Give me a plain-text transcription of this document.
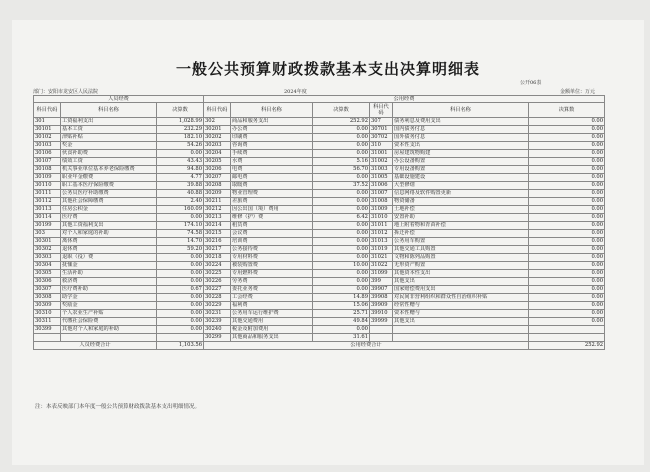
一般公共预算财政拨款基本支出决算明细表
公开06表
部门：安阳市龙安区人民法院	2024年度	金额单位：万元
人员经费			公用经费					
科目代码	科目名称	决算数	科目代码	科目名称	决算数	科目代码	科目名称	决算数
301	工资福利支出	1,028.99	302	商品和服务支出	252.92	307	债务利息及费用支出	0.00
30101	基本工资	232.29	30201	办公费	0.00	30701	国内债务付息	0.00
30102	津贴补贴	182.10	30202	印刷费	0.00	30702	国外债务付息	0.00
30103	奖金	54.26	30203	咨询费	0.00	310	资本性支出	0.00
30106	伙食补助费	0.00	30204	手续费	0.00	31001	房屋建筑物购建	0.00
30107	绩效工资	43.43	30205	水费	5.16	31002	办公设备购置	0.00
30108	机关事业单位基本养老保险缴费	94.80	30206	电费	56.70	31003	专用设备购置	0.00
30109	职业年金缴费	4.77	30207	邮电费	0.00	31005	基础设施建设	0.00
30110	职工基本医疗保险缴费	39.88	30208	取暖费	37.52	31006	大型修缮	0.00
30111	公务员医疗补助缴费	40.88	30209	物业管理费	0.00	31007	信息网络及软件购置更新	0.00
30112	其他社会保障缴费	2.40	30211	差旅费	0.00	31008	物资储备	0.00
30113	住房公积金	160.09	30212	因公出国（境）费用	0.00	31009	土地补偿	0.00
30114	医疗费	0.00	30213	维修（护）费	6.42	31010	安置补助	0.00
30199	其他工资福利支出	174.10	30214	租赁费	0.00	31011	地上附着物和青苗补偿	0.00
303	对个人和家庭的补助	74.58	30215	会议费	0.00	31012	拆迁补偿	0.00
30301	离休费	14.70	30216	培训费	0.00	31013	公务用车购置	0.00
30302	退休费	59.20	30217	公务接待费	0.00	31019	其他交通工具购置	0.00
30303	退职（役）费	0.00	30218	专用材料费	0.00	31021	文物和陈列品购置	0.00
30304	抚恤金	0.00	30224	被装购置费	10.00	31022	无形资产购置	0.00
30305	生活补助	0.00	30225	专用燃料费	0.00	31099	其他资本性支出	0.00
30306	救济费	0.00	30226	劳务费	0.00	399	其他支出	0.00
30307	医疗费补助	0.67	30227	委托业务费	0.00	39907	国家赔偿费用支出	0.00
30308	助学金	0.00	30228	工会经费	14.89	39908	对民间非营利组织和群众性自治组织补贴	0.00
30309	奖励金	0.00	30229	福利费	15.06	39909	经常性赠与	0.00
30310	个人农业生产补贴	0.00	30231	公务用车运行维护费	25.71	39910	资本性赠与	0.00
30311	代缴社会保险费	0.00	30239	其他交通费用	49.84	39999	其他支出	0.00
30399	其他对个人和家庭的补助	0.00	30240	税金及附加费用	0.00			
			30299	其他商品和服务支出	31.61			
人员经费合计		1,103.56	公用经费合计					252.92
注：本表反映部门本年度一般公共预算财政拨款基本支出明细情况。
